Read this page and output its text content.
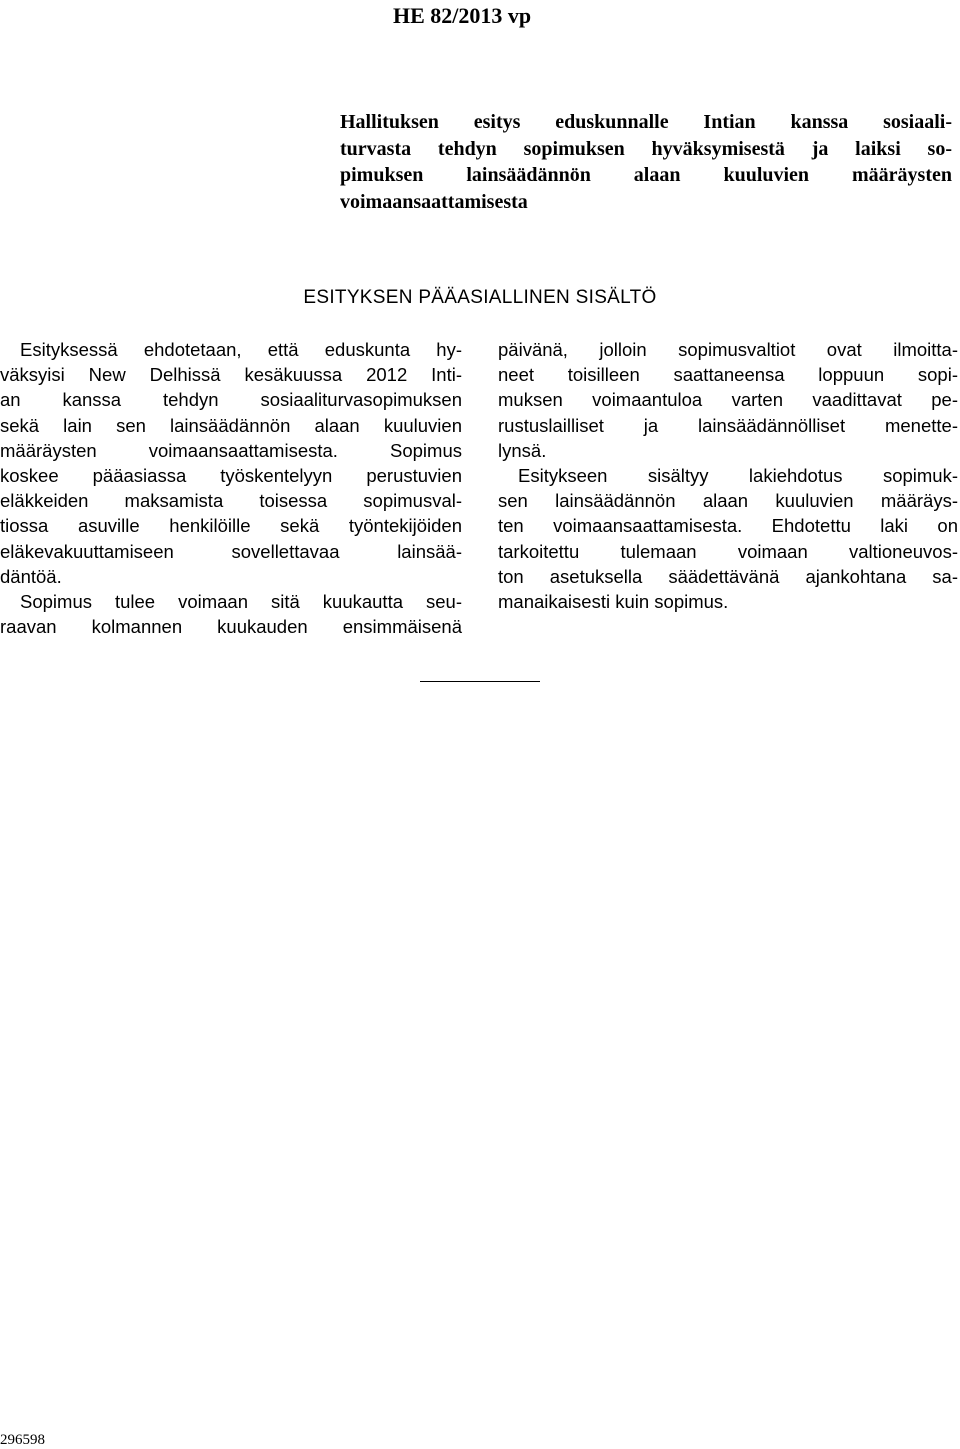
HE 82/2013 vp
Hallituksen esitys eduskunnalle Intian kanssa sosiaali-
turvasta tehdyn sopimuksen hyväksymisestä ja laiksi so-
pimuksen lainsäädännön alaan kuuluvien määräysten
voimaansaattamisesta
ESITYKSEN PÄÄASIALLINEN SISÄLTÖ
Esityksessä ehdotetaan, että eduskunta hy-
väksyisi New Delhissä kesäkuussa 2012 Inti-
an kanssa tehdyn sosiaaliturvasopimuksen
sekä lain sen lainsäädännön alaan kuuluvien
määräysten voimaansaattamisesta. Sopimus
koskee pääasiassa työskentelyyn perustuvien
eläkkeiden maksamista toisessa sopimusval-
tiossa asuville henkilöille sekä työntekijöiden
eläkevakuuttamiseen sovellettavaa lainsää-
däntöä.
Sopimus tulee voimaan sitä kuukautta seu-
raavan kolmannen kuukauden ensimmäisenä
päivänä, jolloin sopimusvaltiot ovat ilmoitta-
neet toisilleen saattaneensa loppuun sopi-
muksen voimaantuloa varten vaadittavat pe-
rustuslailliset ja lainsäädännölliset menette-
lynsä.
Esitykseen sisältyy lakiehdotus sopimuk-
sen lainsäädännön alaan kuuluvien määräys-
ten voimaansaattamisesta. Ehdotettu laki on
tarkoitettu tulemaan voimaan valtioneuvos-
ton asetuksella säädettävänä ajankohtana sa-
manaikaisesti kuin sopimus.
296598
